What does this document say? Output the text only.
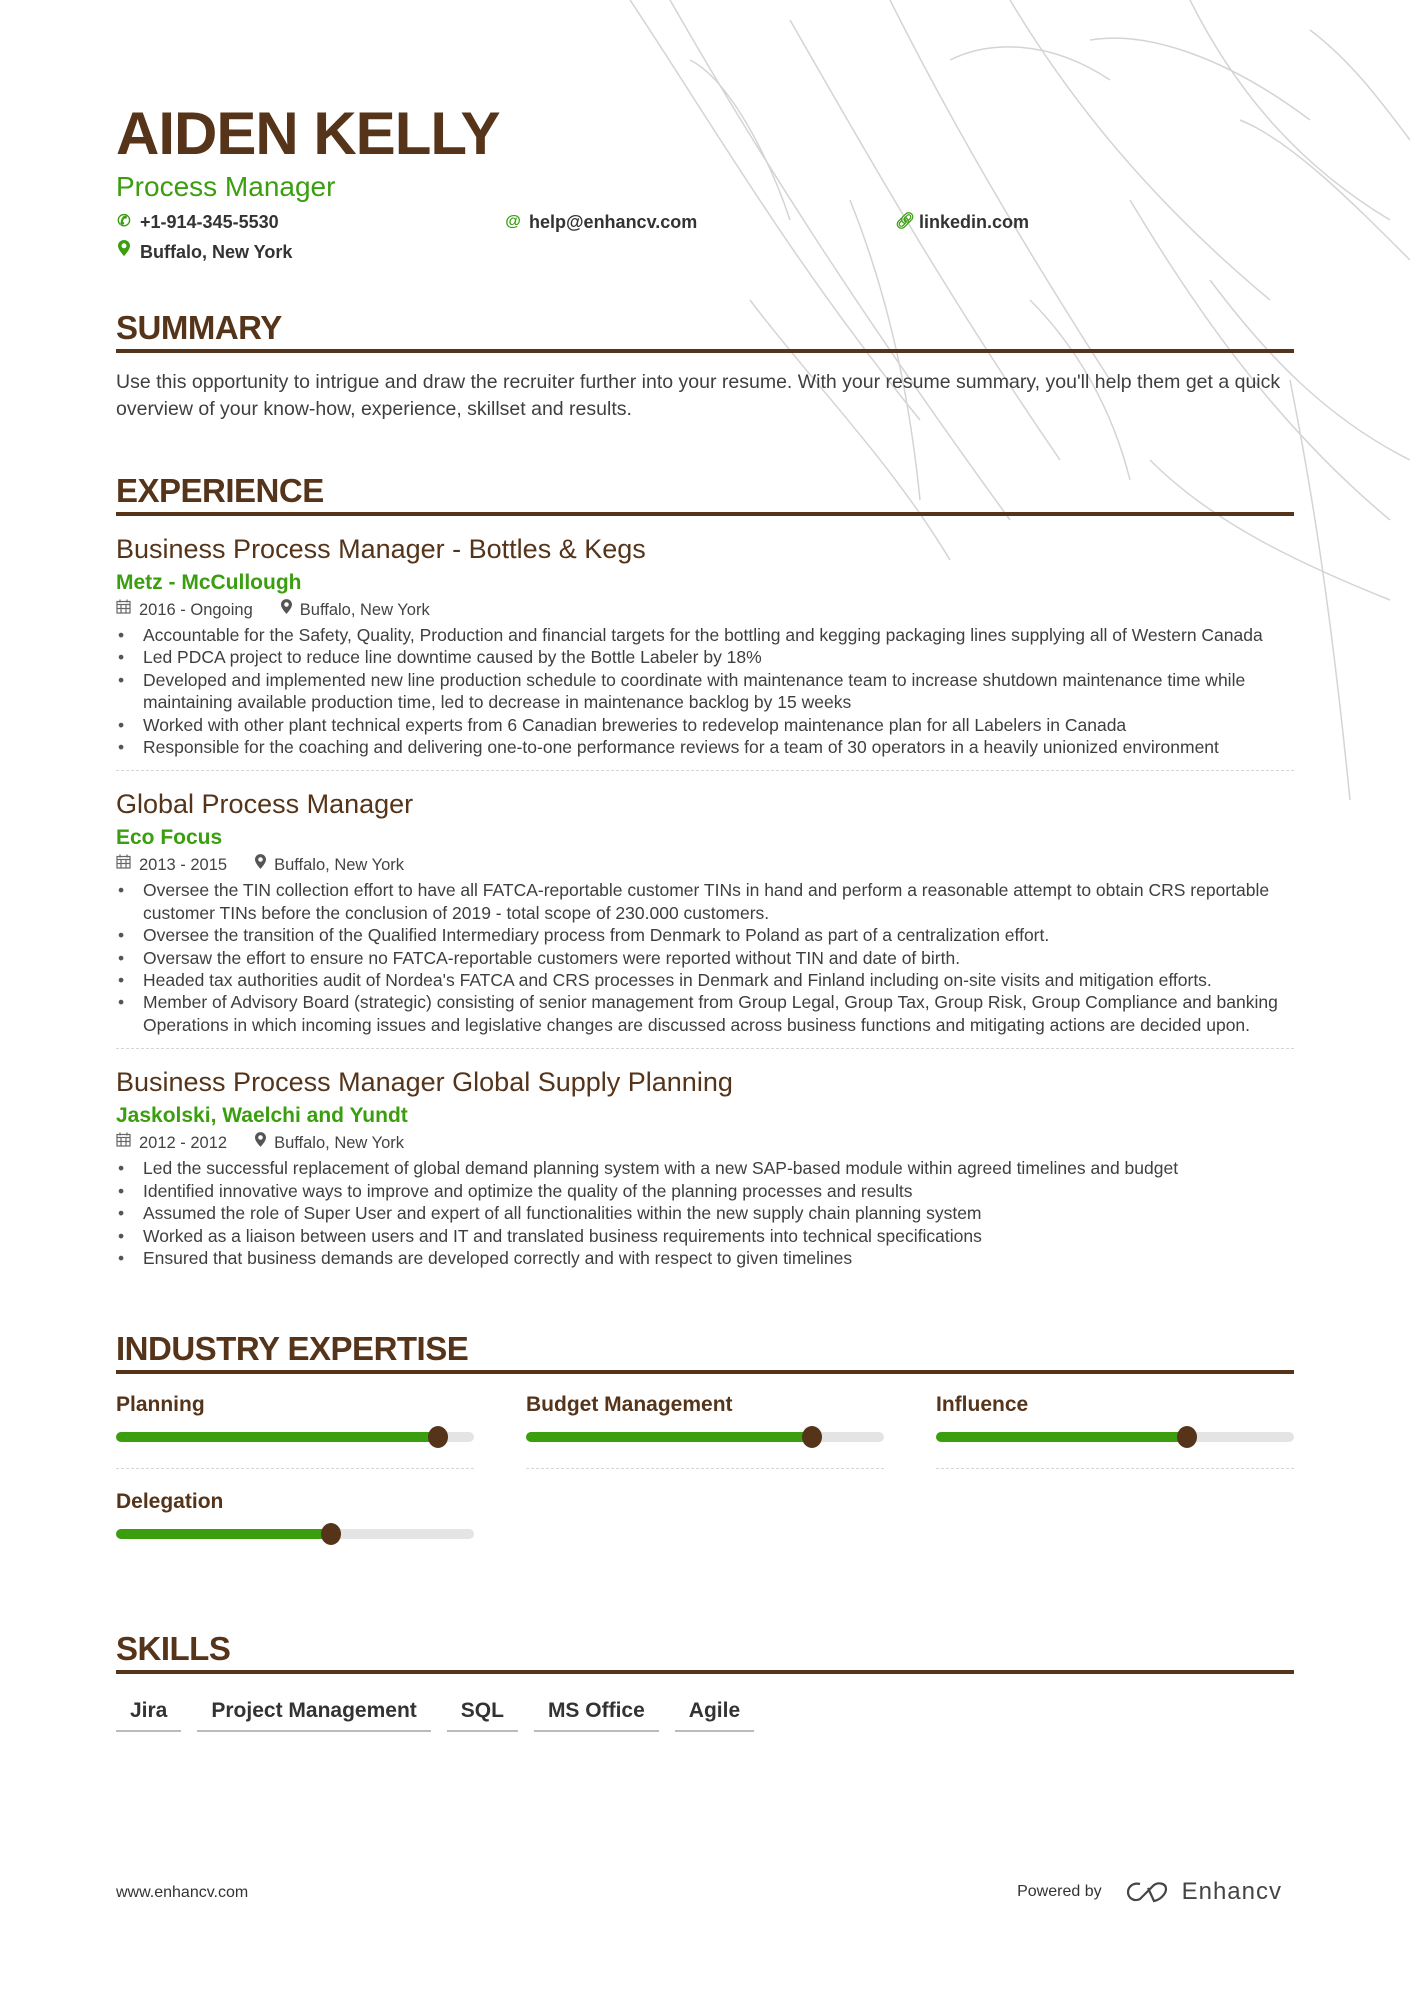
AIDEN KELLY
Process Manager
✆ +1-914-345-5530	@ help@enhancv.com	🔗︎ linkedin.com
Buffalo, New York
SUMMARY

Use this opportunity to intrigue and draw the recruiter further into your resume. With your resume summary, you'll help them get a quick overview of your know-how, experience, skillset and results.

EXPERIENCE
Business Process Manager - Bottles & Kegs
Metz - McCullough
2016 - Ongoing	Buffalo, New York
• Accountable for the Safety, Quality, Production and financial targets for the bottling and kegging packaging lines supplying all of Western Canada
• Led PDCA project to reduce line downtime caused by the Bottle Labeler by 18%
• Developed and implemented new line production schedule to coordinate with maintenance team to increase shutdown maintenance time while maintaining available production time, led to decrease in maintenance backlog by 15 weeks
• Worked with other plant technical experts from 6 Canadian breweries to redevelop maintenance plan for all Labelers in Canada
• Responsible for the coaching and delivering one-to-one performance reviews for a team of 30 operators in a heavily unionized environment
Global Process Manager
Eco Focus
2013 - 2015	Buffalo, New York
• Oversee the TIN collection effort to have all FATCA-reportable customer TINs in hand and perform a reasonable attempt to obtain CRS reportable customer TINs before the conclusion of 2019 - total scope of 230.000 customers.
• Oversee the transition of the Qualified Intermediary process from Denmark to Poland as part of a centralization effort.
• Oversaw the effort to ensure no FATCA-reportable customers were reported without TIN and date of birth.
• Headed tax authorities audit of Nordea's FATCA and CRS processes in Denmark and Finland including on-site visits and mitigation efforts.
• Member of Advisory Board (strategic) consisting of senior management from Group Legal, Group Tax, Group Risk, Group Compliance and banking Operations in which incoming issues and legislative changes are discussed across business functions and mitigating actions are decided upon.
Business Process Manager Global Supply Planning
Jaskolski, Waelchi and Yundt
2012 - 2012	Buffalo, New York
• Led the successful replacement of global demand planning system with a new SAP-based module within agreed timelines and budget
• Identified innovative ways to improve and optimize the quality of the planning processes and results
• Assumed the role of Super User and expert of all functionalities within the new supply chain planning system
• Worked as a liaison between users and IT and translated business requirements into technical specifications
• Ensured that business demands are developed correctly and with respect to given timelines
INDUSTRY EXPERTISE
Planning	Budget Management	Influence
Delegation
SKILLS
Jira	Project Management	SQL	MS Office	Agile
www.enhancv.com	Powered by	Enhancv
